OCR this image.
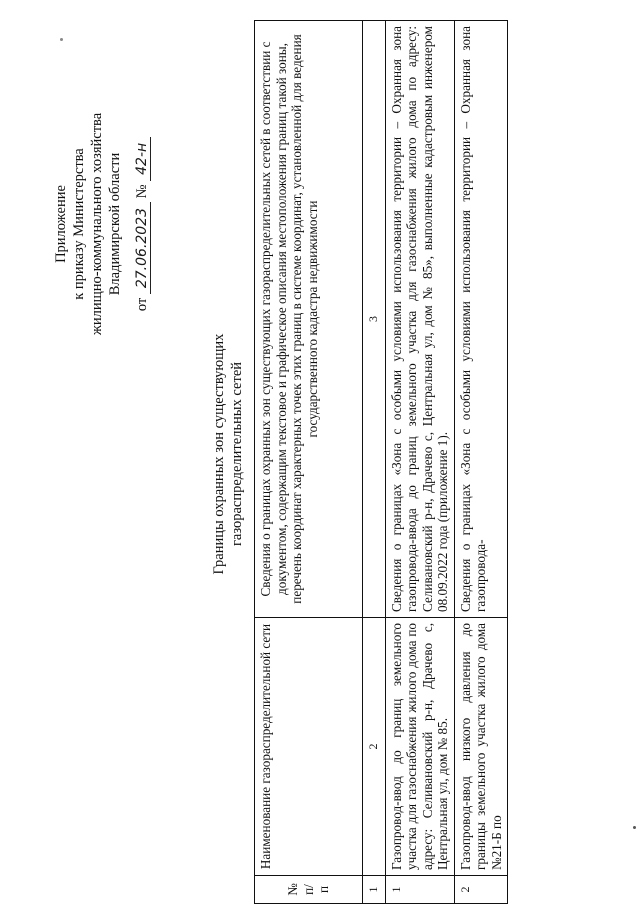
Приложение к приказу Министерства жилищно-коммунального хозяйства Владимирской области
от 27.06.2023 № 42-н
Границы охранных зон существующих газораспределительных сетей
№ п/п	Наименование газораспределительной сети	Сведения о границах охранных зон существующих газораспределительных сетей в соответствии с документом, содержащим текстовое и графическое описания местоположения границ такой зоны, перечень координат характерных точек этих границ в системе координат, установленной для ведения государственного кадастра недвижимости
1	2	3
1	Газопровод-ввод до границ земельного участка для газоснабжения жилого дома по адресу: Селивановский р-н, Драчево с, Центральная ул, дом № 85.	Сведения о границах «Зона с особыми условиями использования территории – Охранная зона газопровода-ввода до границ земельного участка для газоснабжения жилого дома по адресу: Селивановский р-н, Драчево с, Центральная ул, дом № 85», выполненные кадастровым инженером 08.09.2022 года (приложение 1).
2	Газопровод-ввод низкого давления до границы земельного участка жилого дома №21-Б по	Сведения о границах «Зона с особыми условиями использования территории – Охранная зона газопровода-
